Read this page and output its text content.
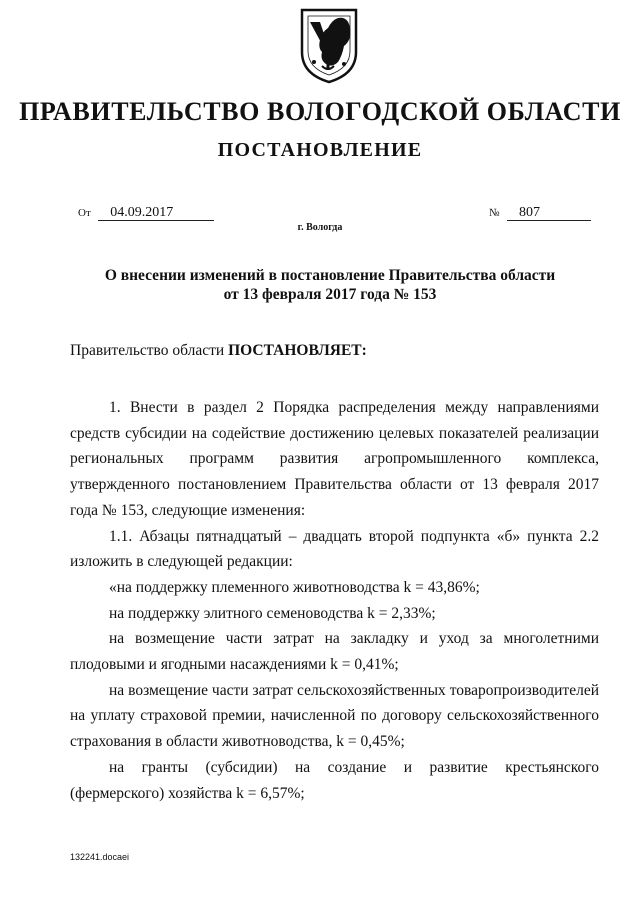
ПРАВИТЕЛЬСТВО ВОЛОГОДСКОЙ ОБЛАСТИ
ПОСТАНОВЛЕНИЕ
От 04.09.2017	№ 807
г. Вологда
О внесении изменений в постановление Правительства области
от 13 февраля 2017 года № 153
Правительство области ПОСТАНОВЛЯЕТ:

1. Внести в раздел 2 Порядка распределения между направлениями средств субсидии на содействие достижению целевых показателей реализации региональных программ развития агропромышленного комплекса, утвержденного постановлением Правительства области от 13 февраля 2017 года № 153, следующие изменения:

1.1. Абзацы пятнадцатый – двадцать второй подпункта «б» пункта 2.2 изложить в следующей редакции:

«на поддержку племенного животноводства k = 43,86%;

на поддержку элитного семеноводства k = 2,33%;

на возмещение части затрат на закладку и уход за многолетними плодовыми и ягодными насаждениями k = 0,41%;

на возмещение части затрат сельскохозяйственных товаропроизводителей на уплату страховой премии, начисленной по договору сельскохозяйственного страхования в области животноводства, k = 0,45%;

на гранты (субсидии) на создание и развитие крестьянского (фермерского) хозяйства k = 6,57%;

132241.docaei
